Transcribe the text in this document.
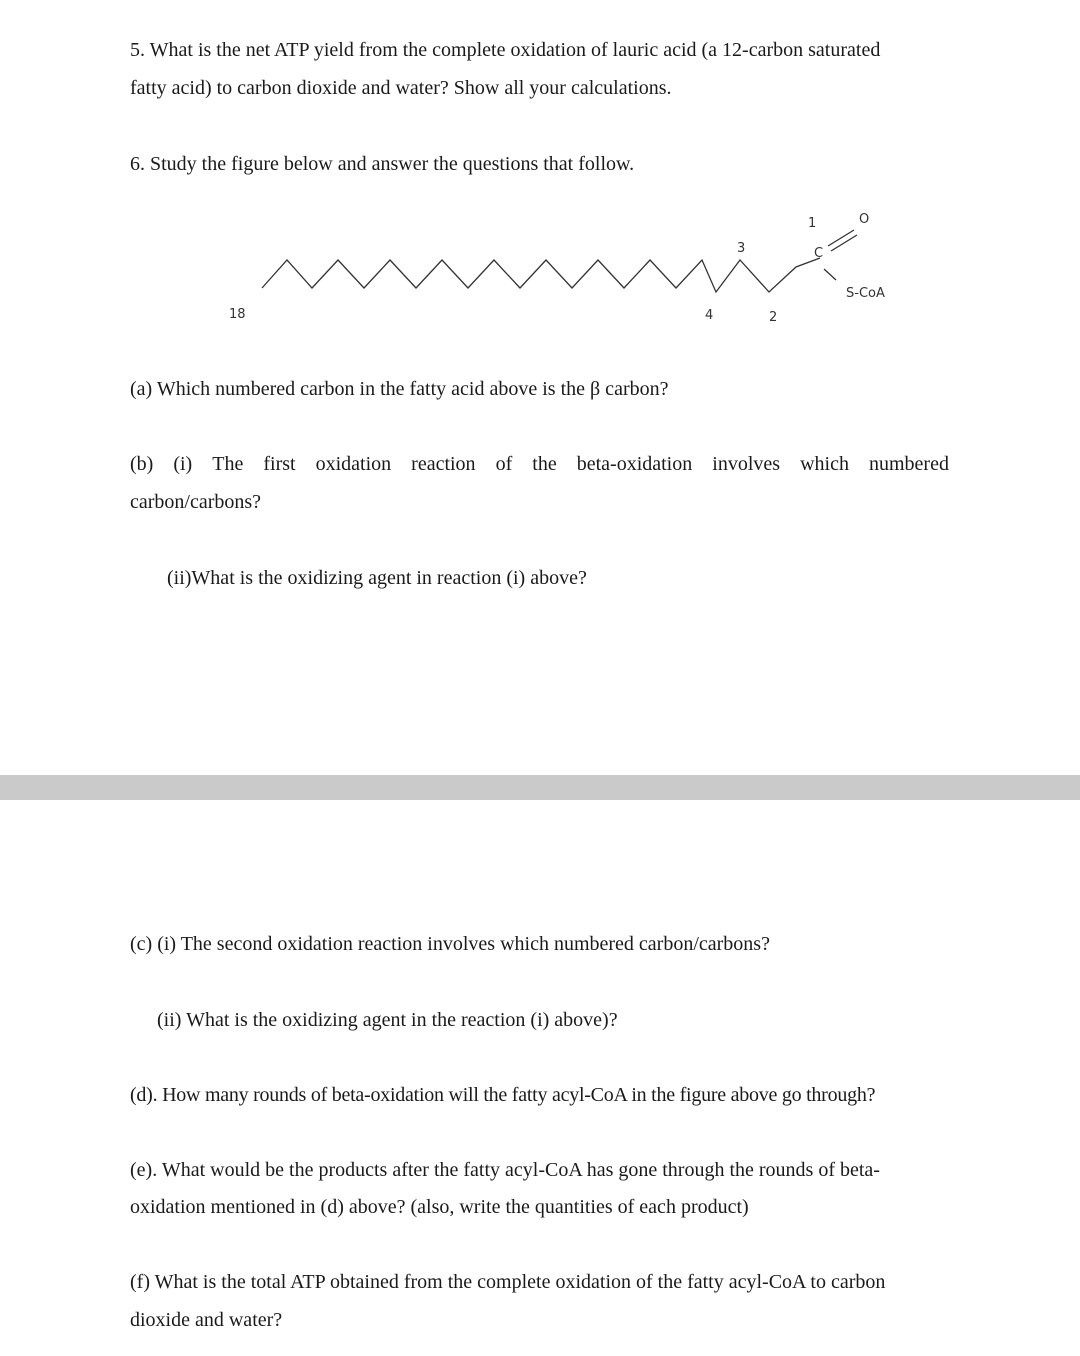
5. What is the net ATP yield from the complete oxidation of lauric acid (a 12-carbon saturated
fatty acid) to carbon dioxide and water? Show all your calculations.
6. Study the figure below and answer the questions that follow.
18	4
3
2
1
C
O
S-CoA
(a) Which numbered carbon in the fatty acid above is the β carbon?
(b) (i) The first oxidation reaction of the beta-oxidation involves which numbered
carbon/carbons?
(ii)What is the oxidizing agent in reaction (i) above?
(c) (i) The second oxidation reaction involves which numbered carbon/carbons?
(ii) What is the oxidizing agent in the reaction (i) above)?
(d). How many rounds of beta-oxidation will the fatty acyl-CoA in the figure above go through?
(e). What would be the products after the fatty acyl-CoA has gone through the rounds of beta-
oxidation mentioned in (d) above? (also, write the quantities of each product)
(f) What is the total ATP obtained from the complete oxidation of the fatty acyl-CoA to carbon
dioxide and water?
